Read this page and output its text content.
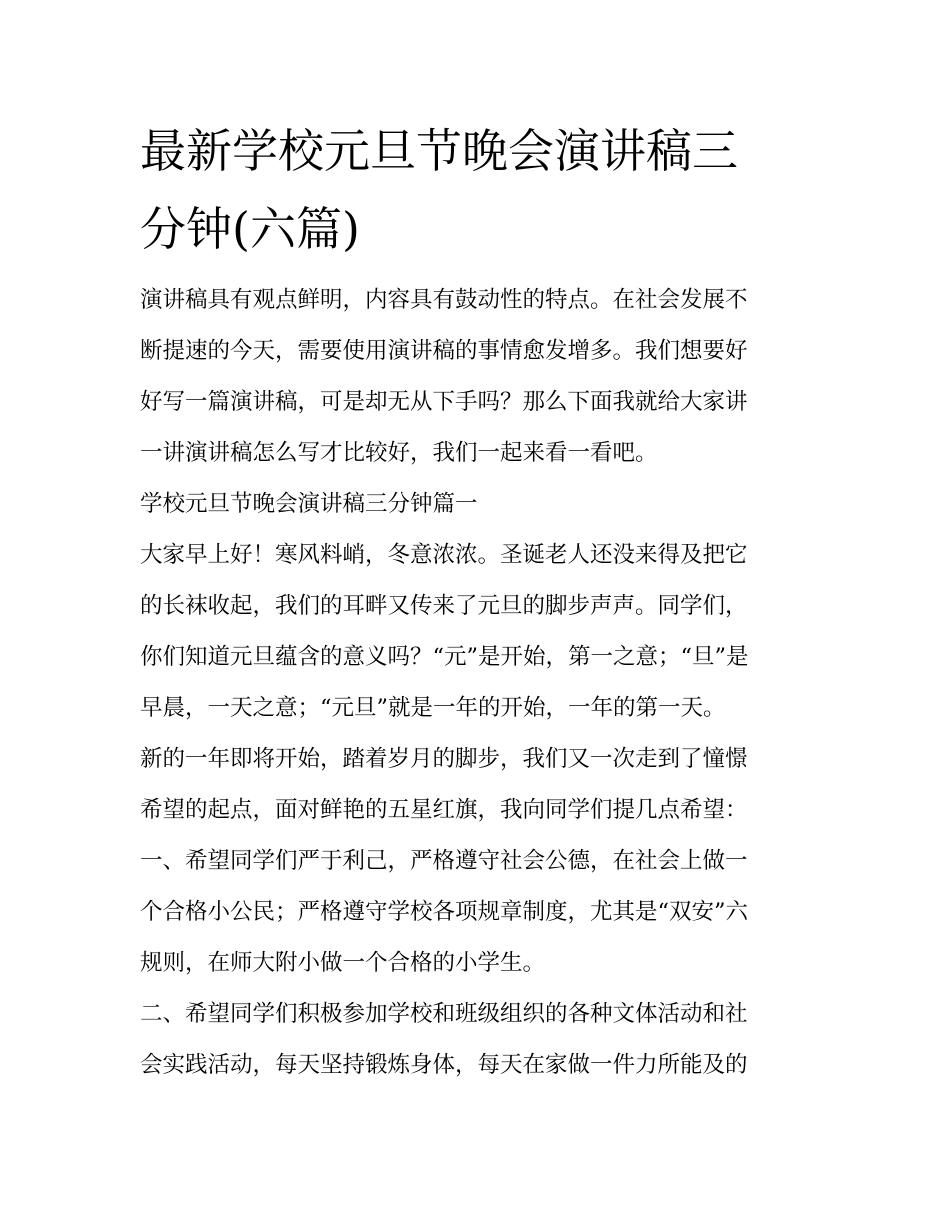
最新学校元旦节晚会演讲稿三
分钟(六篇)

演讲稿具有观点鲜明，内容具有鼓动性的特点。在社会发展不
断提速的今天，需要使用演讲稿的事情愈发增多。我们想要好
好写一篇演讲稿，可是却无从下手吗？那么下面我就给大家讲
一讲演讲稿怎么写才比较好，我们一起来看一看吧。

学校元旦节晚会演讲稿三分钟篇一

大家早上好！寒风料峭，冬意浓浓。圣诞老人还没来得及把它
的长袜收起，我们的耳畔又传来了元旦的脚步声声。同学们，
你们知道元旦蕴含的意义吗？“元”是开始，第一之意；“旦”是
早晨，一天之意；“元旦”就是一年的开始，一年的第一天。

新的一年即将开始，踏着岁月的脚步，我们又一次走到了憧憬
希望的起点，面对鲜艳的五星红旗，我向同学们提几点希望：

一、希望同学们严于利己，严格遵守社会公德，在社会上做一
个合格小公民；严格遵守学校各项规章制度，尤其是“双安”六
规则，在师大附小做一个合格的小学生。

二、希望同学们积极参加学校和班级组织的各种文体活动和社
会实践活动，每天坚持锻炼身体，每天在家做一件力所能及的
